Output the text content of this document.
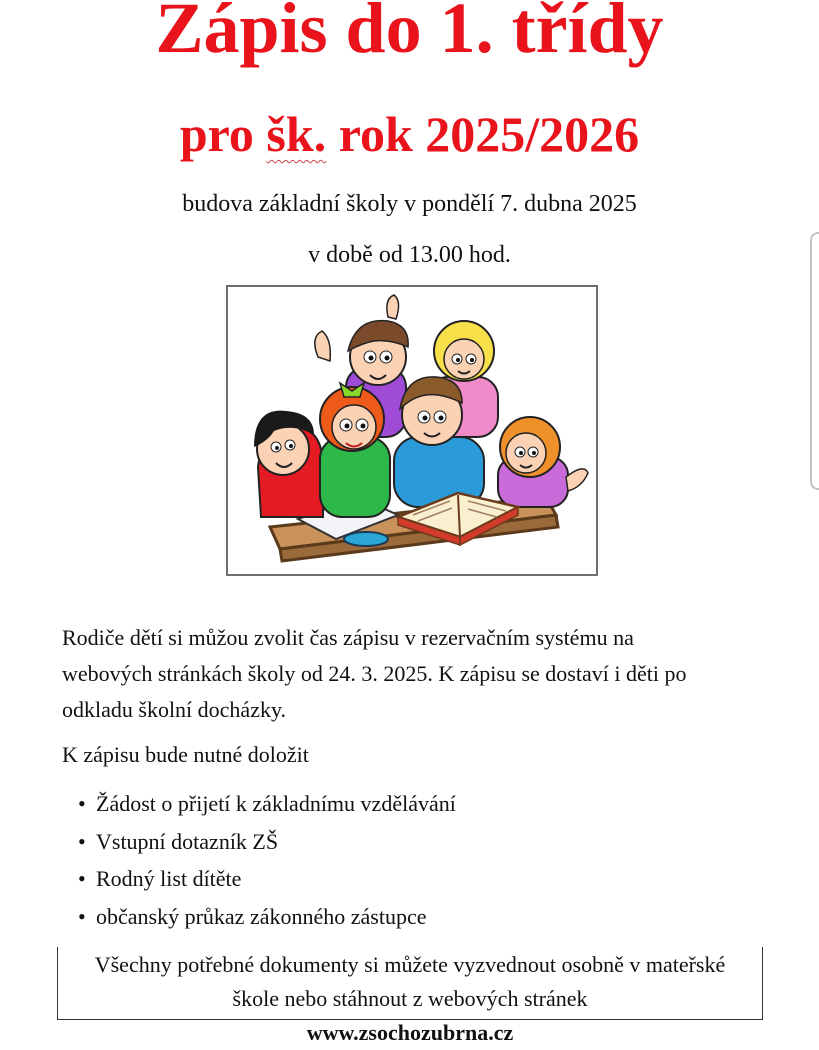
Zápis do 1. třídy
pro šk. rok 2025/2026
budova základní školy v pondělí 7. dubna 2025
v době od 13.00 hod.
Rodiče dětí si můžou zvolit čas zápisu v rezervačním systému na
webových stránkách školy od 24. 3. 2025. K zápisu se dostaví i děti po
odkladu školní docházky.
K zápisu bude nutné doložit
• Žádost o přijetí k základnímu vzdělávání
• Vstupní dotazník ZŠ
• Rodný list dítěte
• občanský průkaz zákonného zástupce
Všechny potřebné dokumenty si můžete vyzvednout osobně v mateřské
škole nebo stáhnout z webových stránek
www.zsochozubrna.cz
